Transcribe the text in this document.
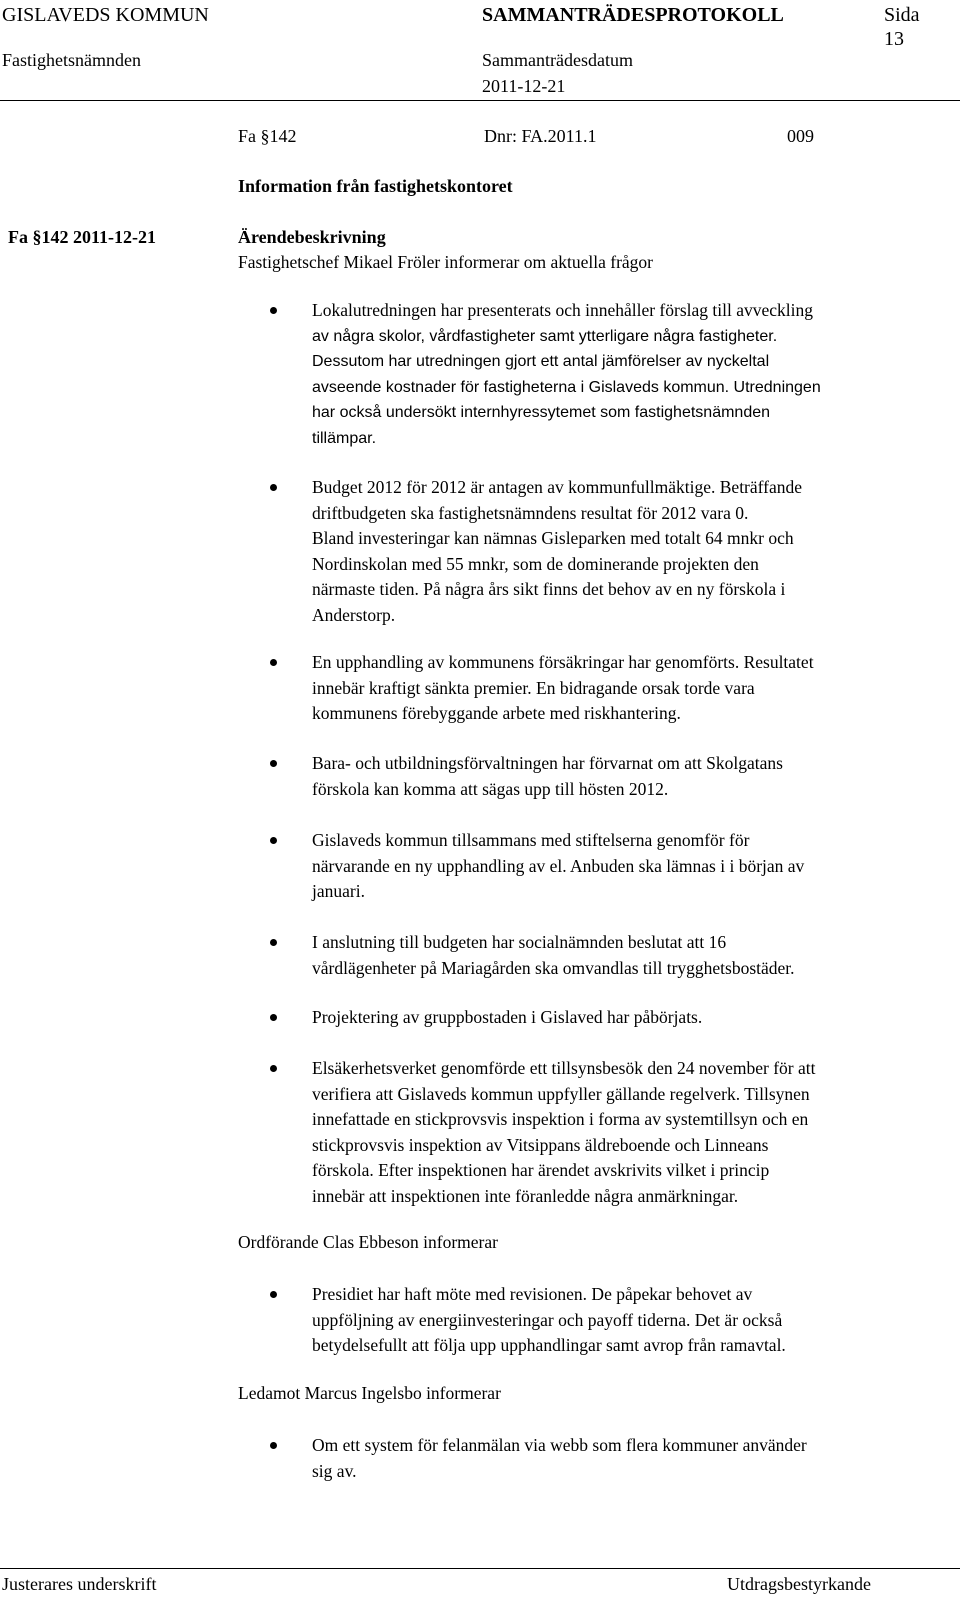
GISLAVEDS KOMMUN	SAMMANTRÄDESPROTOKOLL	Sida
13
Fastighetsnämnden	Sammanträdesdatum
2011-12-21
Fa §142	Dnr: FA.2011.1	009
Information från fastighetskontoret
Fa §142 2011-12-21	Ärendebeskrivning
Fastighetschef Mikael Fröler informerar om aktuella frågor
Lokalutredningen har presenterats och innehåller förslag till avveckling
av några skolor, vårdfastigheter samt ytterligare några fastigheter.
Dessutom har utredningen gjort ett antal jämförelser av nyckeltal
avseende kostnader för fastigheterna i Gislaveds kommun. Utredningen
har också undersökt internhyressytemet som fastighetsnämnden
tillämpar.
Budget 2012 för 2012 är antagen av kommunfullmäktige. Beträffande
driftbudgeten ska fastighetsnämndens resultat för 2012 vara 0.
Bland investeringar kan nämnas Gisleparken med totalt 64 mnkr och
Nordinskolan med 55 mnkr, som de dominerande projekten den
närmaste tiden. På några års sikt finns det behov av en ny förskola i
Anderstorp.
En upphandling av kommunens försäkringar har genomförts. Resultatet
innebär kraftigt sänkta premier. En bidragande orsak torde vara
kommunens förebyggande arbete med riskhantering.
Bara- och utbildningsförvaltningen har förvarnat om att Skolgatans
förskola kan komma att sägas upp till hösten 2012.
Gislaveds kommun tillsammans med stiftelserna genomför för
närvarande en ny upphandling av el. Anbuden ska lämnas i i början av
januari.
I anslutning till budgeten har socialnämnden beslutat att 16
vårdlägenheter på Mariagården ska omvandlas till trygghetsbostäder.
Projektering av gruppbostaden i Gislaved har påbörjats.
Elsäkerhetsverket genomförde ett tillsynsbesök den 24 november för att
verifiera att Gislaveds kommun uppfyller gällande regelverk. Tillsynen
innefattade en stickprovsvis inspektion i forma av systemtillsyn och en
stickprovsvis inspektion av Vitsippans äldreboende och Linneans
förskola. Efter inspektionen har ärendet avskrivits vilket i princip
innebär att inspektionen inte föranledde några anmärkningar.
Ordförande Clas Ebbeson informerar
Presidiet har haft möte med revisionen. De påpekar behovet av
uppföljning av energiinvesteringar och payoff tiderna. Det är också
betydelsefullt att följa upp upphandlingar samt avrop från ramavtal.
Ledamot Marcus Ingelsbo informerar
Om ett system för felanmälan via webb som flera kommuner använder
sig av.
Justerares underskrift	Utdragsbestyrkande
